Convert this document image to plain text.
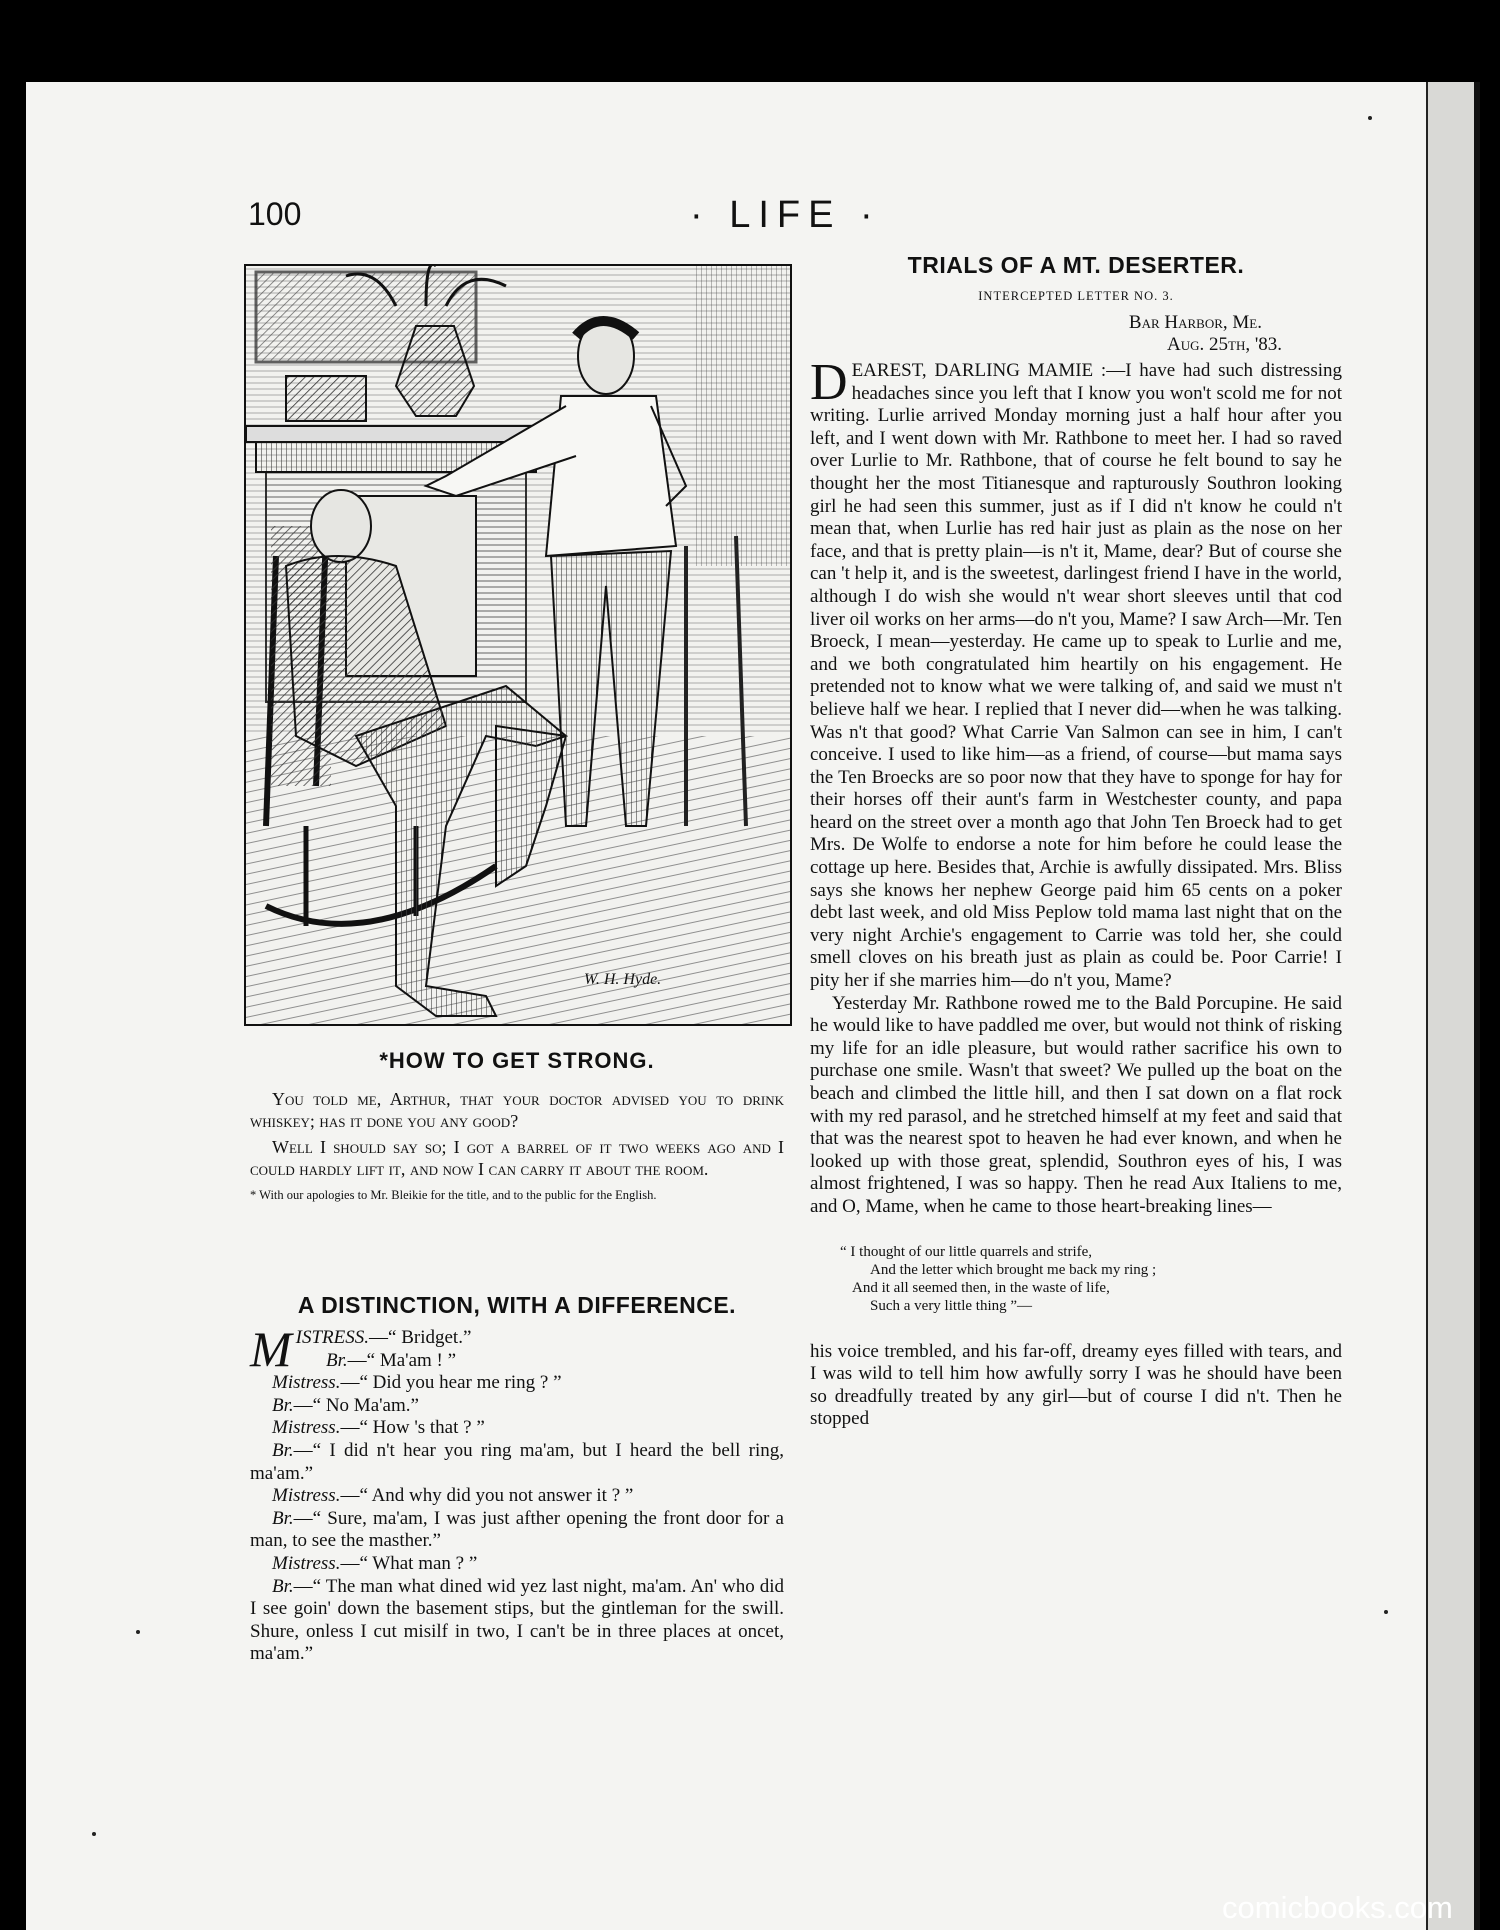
100	· LIFE ·
W. H. Hyde.
*HOW TO GET STRONG.

You told me, Arthur, that your doctor advised you to drink whiskey; has it done you any good?

Well I should say so; I got a barrel of it two weeks ago and I could hardly lift it, and now I can carry it about the room.

* With our apologies to Mr. Bleikie for the title, and to the public for the English.

A DISTINCTION, WITH A DIFFERENCE.
M ISTRESS.—“ Bridget.”
Br.—“ Ma'am ! ”
Mistress.—“ Did you hear me ring ? ”
Br.—“ No Ma'am.”
Mistress.—“ How 's that ? ”
Br.—“ I did n't hear you ring ma'am, but I heard the bell ring, ma'am.”
Mistress.—“ And why did you not answer it ? ”
Br.—“ Sure, ma'am, I was just afther opening the front door for a man, to see the masther.”
Mistress.—“ What man ? ”
Br.—“ The man what dined wid yez last night, ma'am. An' who did I see goin' down the basement stips, but the gintleman for the swill. Shure, onless I cut misilf in two, I can't be in three places at oncet, ma'am.”
TRIALS OF A MT. DESERTER.
INTERCEPTED LETTER NO. 3.
Bar Harbor, Me.
Aug. 25th, '83.

DEAREST, DARLING MAMIE :—I have had such distressing headaches since you left that I know you won't scold me for not writing. Lurlie arrived Monday morning just a half hour after you left, and I went down with Mr. Rathbone to meet her. I had so raved over Lurlie to Mr. Rathbone, that of course he felt bound to say he thought her the most Titianesque and rapturously Southron looking girl he had seen this summer, just as if I did n't know he could n't mean that, when Lurlie has red hair just as plain as the nose on her face, and that is pretty plain—is n't it, Mame, dear? But of course she can 't help it, and is the sweetest, darlingest friend I have in the world, although I do wish she would n't wear short sleeves until that cod liver oil works on her arms—do n't you, Mame? I saw Arch—Mr. Ten Broeck, I mean—yesterday. He came up to speak to Lurlie and me, and we both congratulated him heartily on his engagement. He pretended not to know what we were talking of, and said we must n't believe half we hear. I replied that I never did—when he was talking. Was n't that good? What Carrie Van Salmon can see in him, I can't conceive. I used to like him—as a friend, of course—but mama says the Ten Broecks are so poor now that they have to sponge for hay for their horses off their aunt's farm in Westchester county, and papa heard on the street over a month ago that John Ten Broeck had to get Mrs. De Wolfe to endorse a note for him before he could lease the cottage up here. Besides that, Archie is awfully dissipated. Mrs. Bliss says she knows her nephew George paid him 65 cents on a poker debt last week, and old Miss Peplow told mama last night that on the very night Archie's engagement to Carrie was told her, she could smell cloves on his breath just as plain as could be. Poor Carrie! I pity her if she marries him—do n't you, Mame?

Yesterday Mr. Rathbone rowed me to the Bald Porcupine. He said he would like to have paddled me over, but would not think of risking my life for an idle pleasure, but would rather sacrifice his own to purchase one smile. Wasn't that sweet? We pulled up the boat on the beach and climbed the little hill, and then I sat down on a flat rock with my red parasol, and he stretched himself at my feet and said that that was the nearest spot to heaven he had ever known, and when he looked up with those great, splendid, Southron eyes of his, I was almost frightened, I was so happy. Then he read Aux Italiens to me, and O, Mame, when he came to those heart-breaking lines—

“ I thought of our little quarrels and strife,
And the letter which brought me back my ring ;
And it all seemed then, in the waste of life,
Such a very little thing ”—

his voice trembled, and his far-off, dreamy eyes filled with tears, and I was wild to tell him how awfully sorry I was he should have been so dreadfully treated by any girl—but of course I did n't. Then he stopped

comicbooks.com
